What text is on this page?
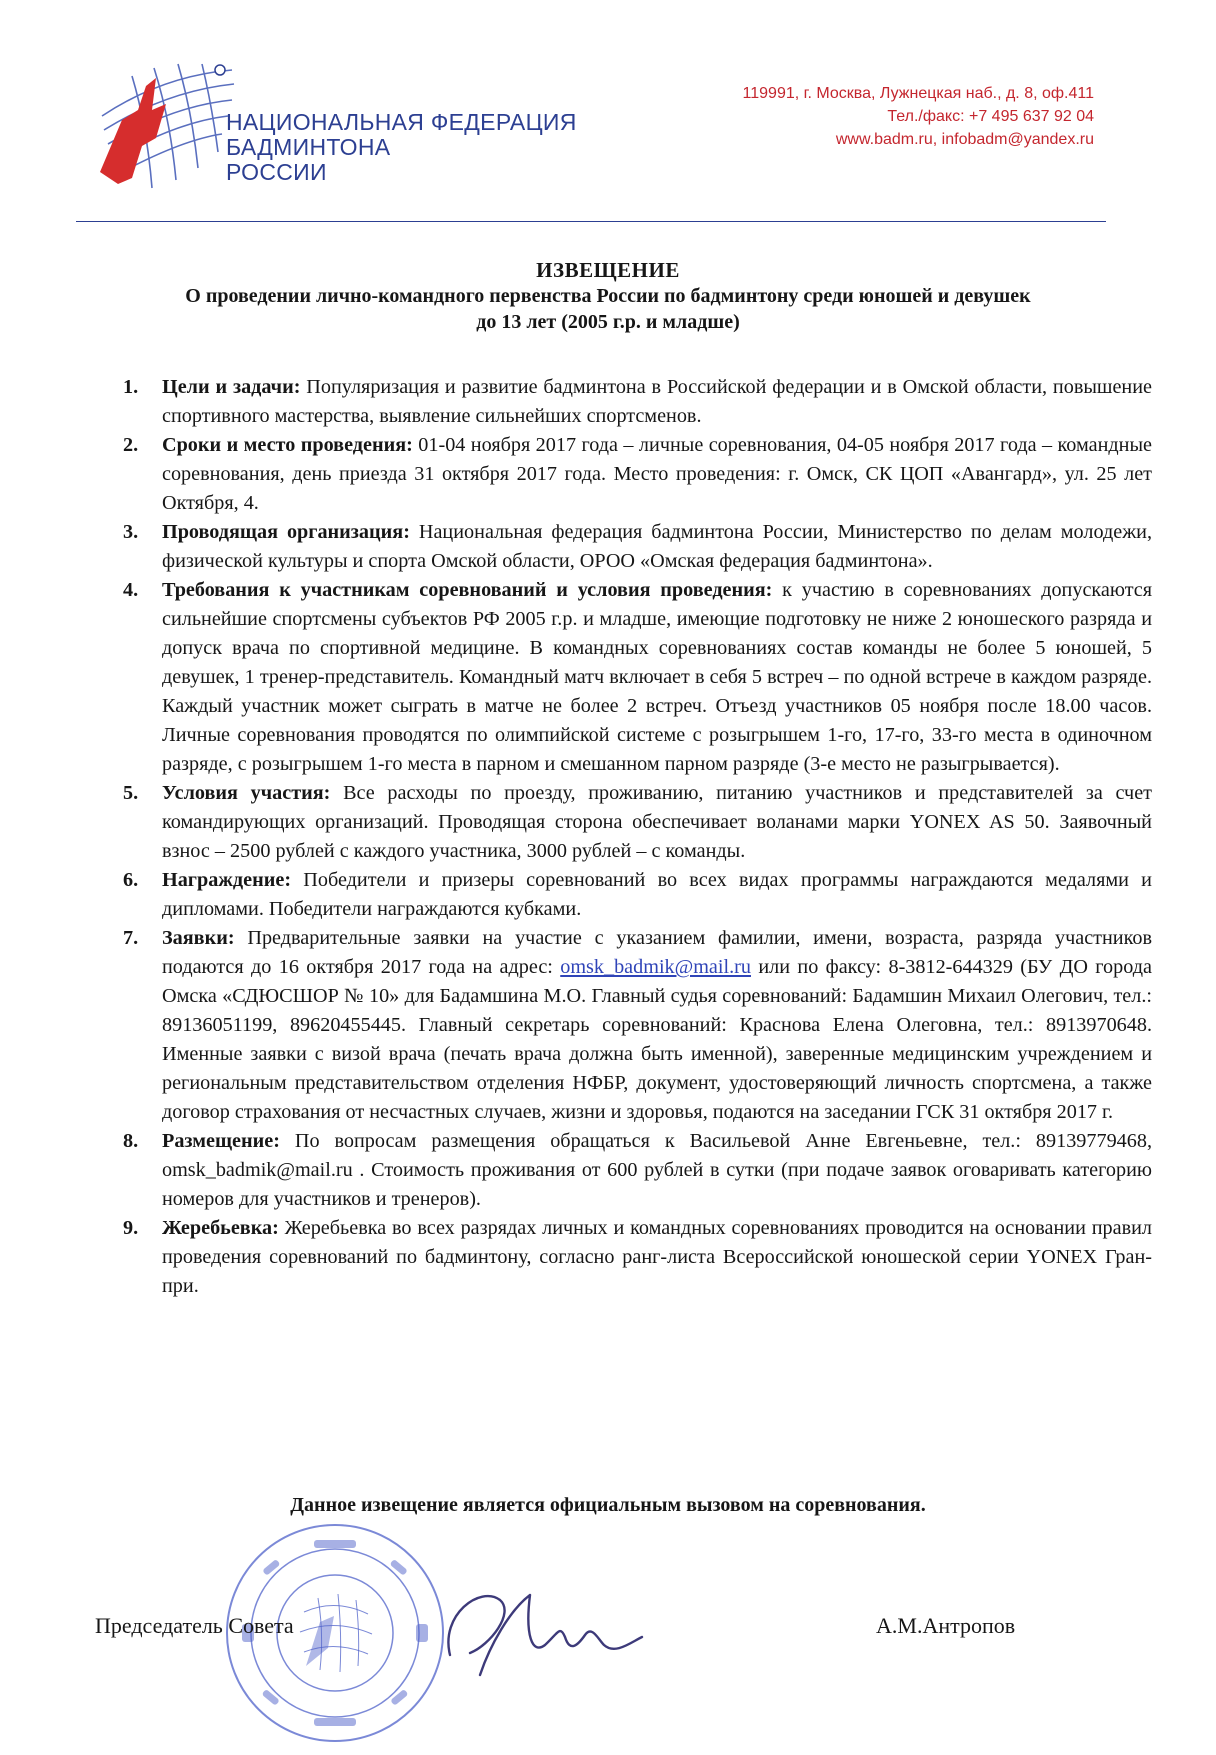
НАЦИОНАЛЬНАЯ ФЕДЕРАЦИЯ
БАДМИНТОНА
РОССИИ
119991, г. Москва, Лужнецкая наб., д. 8, оф.411
Тел./факс: +7 495 637 92 04
www.badm.ru, infobadm@yandex.ru
ИЗВЕЩЕНИЕ
О проведении лично-командного первенства России по бадминтону среди юношей и девушек
до 13 лет (2005 г.р. и младше)
1. Цели и задачи: Популяризация и развитие бадминтона в Российской федерации и в Омской области, повышение спортивного мастерства, выявление сильнейших спортсменов.
2. Сроки и место проведения: 01-04 ноября 2017 года – личные соревнования, 04-05 ноября 2017 года – командные соревнования, день приезда 31 октября 2017 года. Место проведения: г. Омск, СК ЦОП «Авангард», ул. 25 лет Октября, 4.
3. Проводящая организация: Национальная федерация бадминтона России, Министерство по делам молодежи, физической культуры и спорта Омской области, ОРОО «Омская федерация бадминтона».
4. Требования к участникам соревнований и условия проведения: к участию в соревнованиях допускаются сильнейшие спортсмены субъектов РФ 2005 г.р. и младше, имеющие подготовку не ниже 2 юношеского разряда и допуск врача по спортивной медицине. В командных соревнованиях состав команды не более 5 юношей, 5 девушек, 1 тренер-представитель. Командный матч включает в себя 5 встреч – по одной встрече в каждом разряде. Каждый участник может сыграть в матче не более 2 встреч. Отъезд участников 05 ноября после 18.00 часов. Личные соревнования проводятся по олимпийской системе с розыгрышем 1-го, 17-го, 33-го места в одиночном разряде, с розыгрышем 1-го места в парном и смешанном парном разряде (3-е место не разыгрывается).
5. Условия участия: Все расходы по проезду, проживанию, питанию участников и представителей за счет командирующих организаций. Проводящая сторона обеспечивает воланами марки YONEX AS 50. Заявочный взнос – 2500 рублей с каждого участника, 3000 рублей – с команды.
6. Награждение: Победители и призеры соревнований во всех видах программы награждаются медалями и дипломами. Победители награждаются кубками.
7. Заявки: Предварительные заявки на участие с указанием фамилии, имени, возраста, разряда участников подаются до 16 октября 2017 года на адрес: omsk_badmik@mail.ru или по факсу: 8-3812-644329 (БУ ДО города Омска «СДЮСШОР № 10» для Бадамшина М.О. Главный судья соревнований: Бадамшин Михаил Олегович, тел.: 89136051199, 89620455445. Главный секретарь соревнований: Краснова Елена Олеговна, тел.: 8913970648. Именные заявки с визой врача (печать врача должна быть именной), заверенные медицинским учреждением и региональным представительством отделения НФБР, документ, удостоверяющий личность спортсмена, а также договор страхования от несчастных случаев, жизни и здоровья, подаются на заседании ГСК 31 октября 2017 г.
8. Размещение: По вопросам размещения обращаться к Васильевой Анне Евгеньевне, тел.: 89139779468, omsk_badmik@mail.ru . Стоимость проживания от 600 рублей в сутки (при подаче заявок оговаривать категорию номеров для участников и тренеров).
9. Жеребьевка: Жеребьевка во всех разрядах личных и командных соревнованиях проводится на основании правил проведения соревнований по бадминтону, согласно ранг-листа Всероссийской юношеской серии YONEX Гран-при.
Данное извещение является официальным вызовом на соревнования.
Председатель Совета	А.М.Антропов
